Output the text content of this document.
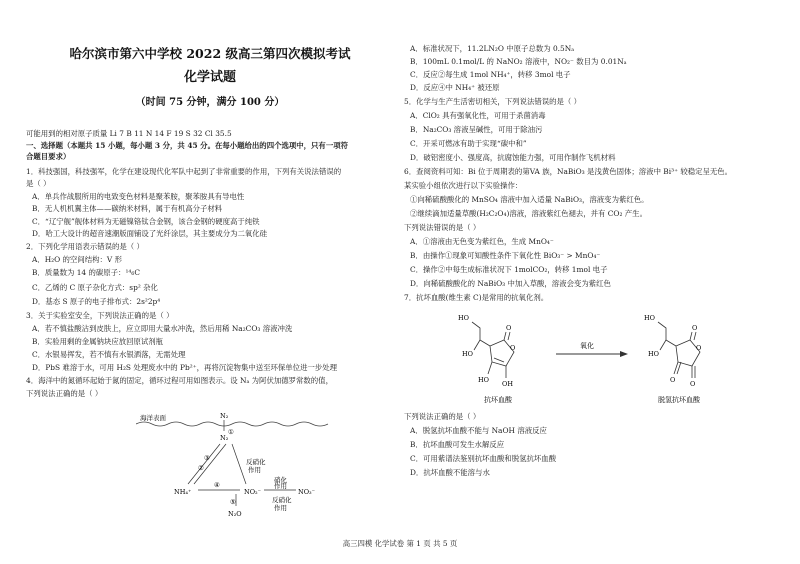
哈尔滨市第六中学校 2022 级高三第四次模拟考试
化学试题
（时间 75 分钟，满分 100 分）
可能用到的相对原子质量 Li 7 B 11 N 14 F 19 S 32 Cl 35.5
一、选择题（本题共 15 小题，每小题 3 分，共 45 分。在每小题给出的四个选项中，只有一项符
合题目要求）
1．科技强国，科技强军，化学在建设现代化军队中起到了非常重要的作用，下列有关说法错误的
是（ ）
A．单兵作战服所用的电致变色材料是聚苯胺，聚苯胺具有导电性
B．无人机机翼主体——碳纳米材料，属于有机高分子材料
C．“辽宁舰”舰体材料为无磁镍铬钛合金钢，该合金钢的硬度高于纯铁
D．哈工大设计的超音速潮版面铺设了光纤涂层，其主要成分为二氧化硅
2．下列化学用语表示错误的是（ ）
A．H₂O 的空间结构：V 形
B．质量数为 14 的碳原子：¹⁴₆C
C．乙烯的 C 原子杂化方式：sp² 杂化
D．基态 S 原子的电子排布式：2s²2p⁴
3．关于实验室安全，下列说法正确的是（ ）
A．若不慎盐酸沾到皮肤上，应立即用大量水冲洗，然后用稀 Na₂CO₃ 溶液冲洗
B．实验用剩的金属钠块应放回原试剂瓶
C．水银易挥发，若不慎有水银洒落，无需处理
D．PbS 难溶于水，可用 H₂S 处理废水中的 Pb²⁺，再将沉淀物集中送至环保单位进一步处理
4．海洋中的氮循环起始于氮的固定，循环过程可用如图表示。设 Nₐ 为阿伏加德罗常数的值，
下列说法正确的是（ ）
海洋表面	N₂
N₂
③
②
④
①
⑤
反硝化
作用
NH₄⁺	NO₂⁻	NO₃⁻
硝化
作用
反硝化
作用
N₂O
A．标准状况下，11.2LN₂O 中原子总数为 0.5Nₐ
B．100mL 0.1mol/L 的 NaNO₂ 溶液中，NO₂⁻ 数目为 0.01Nₐ
C．反应②每生成 1mol NH₄⁺，转移 3mol 电子
D．反应④中 NH₄⁺ 被还原
5．化学与生产生活密切相关，下列说法错误的是（ ）
A．ClO₂ 具有强氧化性，可用于杀菌消毒
B．Na₂CO₃ 溶液呈碱性，可用于除油污
C．开采可燃冰有助于实现“碳中和”
D．破铝密度小、强度高，抗腐蚀能力强，可用作制作飞机材料
6．查阅资料可知：Bi 位于周期表的第VA 族，NaBiO₃ 是浅黄色固体；溶液中 Bi³⁺ 较稳定呈无色。
某实验小组依次进行以下实验操作：
①向稀硫酸酸化的 MnSO₄ 溶液中加入适量 NaBiO₃，溶液变为紫红色。
②继续滴加适量草酸(H₂C₂O₄)溶液，溶液紫红色褪去，并有 CO₂ 产生。
下列说法错误的是（ ）
A．①溶液由无色变为紫红色，生成 MnO₄⁻
B．由操作①现象可知酸性条件下氧化性 BiO₃⁻ > MnO₄⁻
C．操作②中每生成标准状况下 1molCO₂，转移 1mol 电子
D．向稀硫酸酸化的 NaBiO₃ 中加入草酸，溶液会变为紫红色
7．抗坏血酸(维生素 C)是常用的抗氧化剂。
HO
HO
O
O
HO OH
抗坏血酸
氧化
HO
HO
O
O
O O
脱氢抗坏血酸
下列说法正确的是（ ）
A．脱氢抗坏血酸不能与 NaOH 溶液反应
B．抗坏血酸可发生水解反应
C．可用紫谱法鉴别抗坏血酸和脱氢抗坏血酸
D．抗坏血酸不能溶与水
高三四模 化学试卷 第 1 页 共 5 页
